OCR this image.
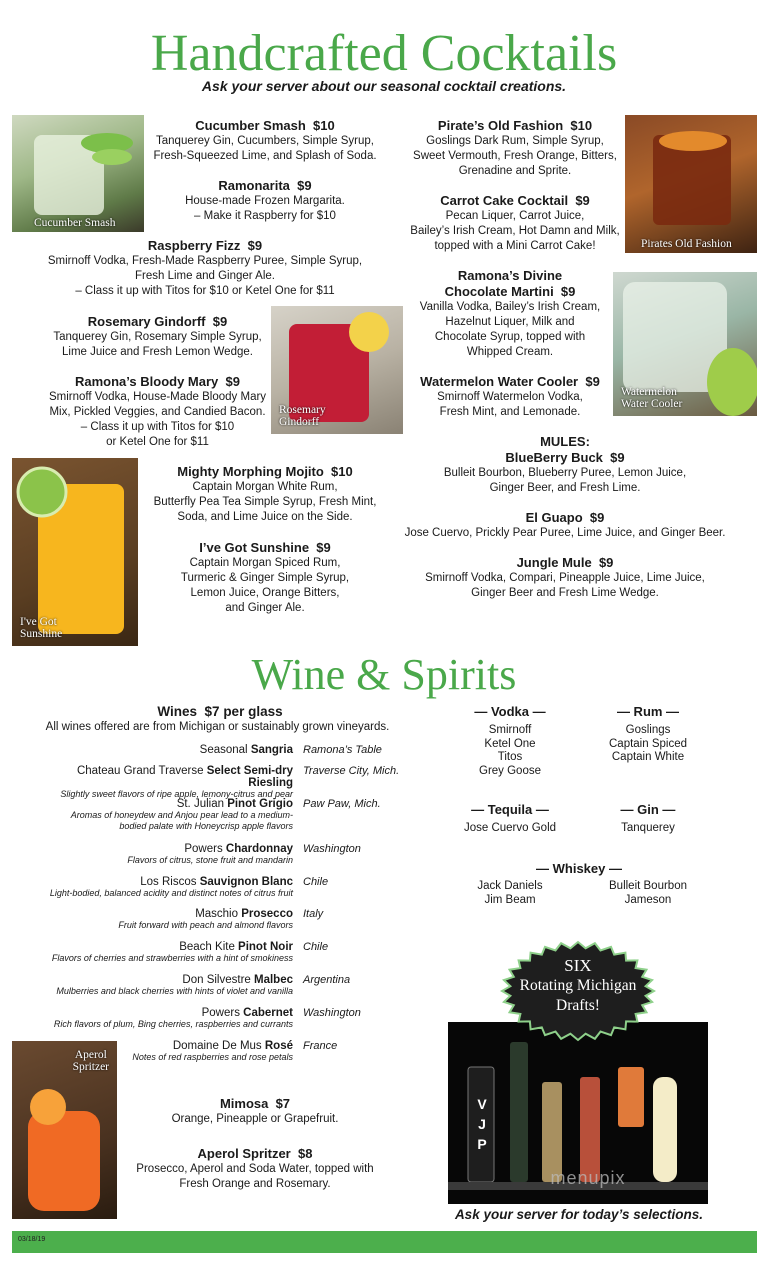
Handcrafted Cocktails
Ask your server about our seasonal cocktail creations.
Cucumber Smash
Pirates Old Fashion
Rosemary
Gindorff
Watermelon
Water Cooler
I've Got
Sunshine
Cucumber Smash $10
Tanquerey Gin, Cucumbers, Simple Syrup,
Fresh-Squeezed Lime, and Splash of Soda.
Ramonarita $9
House-made Frozen Margarita.
– Make it Raspberry for $10
Raspberry Fizz $9
Smirnoff Vodka, Fresh-Made Raspberry Puree, Simple Syrup,
Fresh Lime and Ginger Ale.
– Class it up with Titos for $10 or Ketel One for $11
Rosemary Gindorff $9
Tanquerey Gin, Rosemary Simple Syrup,
Lime Juice and Fresh Lemon Wedge.
Ramona’s Bloody Mary $9
Smirnoff Vodka, House-Made Bloody Mary
Mix, Pickled Veggies, and Candied Bacon.
– Class it up with Titos for $10
or Ketel One for $11
Mighty Morphing Mojito $10
Captain Morgan White Rum,
Butterfly Pea Tea Simple Syrup, Fresh Mint,
Soda, and Lime Juice on the Side.
I’ve Got Sunshine $9
Captain Morgan Spiced Rum,
Turmeric & Ginger Simple Syrup,
Lemon Juice, Orange Bitters,
and Ginger Ale.
Pirate’s Old Fashion $10
Goslings Dark Rum, Simple Syrup,
Sweet Vermouth, Fresh Orange, Bitters,
Grenadine and Sprite.
Carrot Cake Cocktail $9
Pecan Liquer, Carrot Juice,
Bailey’s Irish Cream, Hot Damn and Milk,
topped with a Mini Carrot Cake!
Ramona’s Divine
Chocolate Martini $9
Vanilla Vodka, Bailey’s Irish Cream,
Hazelnut Liquer, Milk and
Chocolate Syrup, topped with
Whipped Cream.
Watermelon Water Cooler $9
Smirnoff Watermelon Vodka,
Fresh Mint, and Lemonade.
MULES:
BlueBerry Buck $9
Bulleit Bourbon, Blueberry Puree, Lemon Juice,
Ginger Beer, and Fresh Lime.
El Guapo $9
Jose Cuervo, Prickly Pear Puree, Lime Juice, and Ginger Beer.
Jungle Mule $9
Smirnoff Vodka, Compari, Pineapple Juice, Lime Juice,
Ginger Beer and Fresh Lime Wedge.
Wine & Spirits
Wines $7 per glass
All wines offered are from Michigan or sustainably grown vineyards.
Seasonal Sangria Ramona’s Table
Chateau Grand Traverse Select Semi-dry Riesling
Traverse City, Mich.
Slightly sweet flavors of ripe apple, lemony-citrus and pear
St. Julian Pinot Grigio Paw Paw, Mich.
Aromas of honeydew and Anjou pear lead to a medium-
bodied palate with Honeycrisp apple flavors
Powers Chardonnay Washington
Flavors of citrus, stone fruit and mandarin
Los Riscos Sauvignon Blanc Chile
Light-bodied, balanced acidity and distinct notes of citrus fruit
Maschio Prosecco Italy
Fruit forward with peach and almond flavors
Beach Kite Pinot Noir Chile
Flavors of cherries and strawberries with a hint of smokiness
Don Silvestre Malbec Argentina
Mulberries and black cherries with hints of violet and vanilla
Powers Cabernet Washington
Rich flavors of plum, Bing cherries, raspberries and currants
Domaine De Mus Rosé France
Notes of red raspberries and rose petals
Aperol
Spritzer
Mimosa $7
Orange, Pineapple or Grapefruit.
Aperol Spritzer $8
Prosecco, Aperol and Soda Water, topped with
Fresh Orange and Rosemary.
— Vodka —
Smirnoff
Ketel One
Titos
Grey Goose
— Rum —
Goslings
Captain Spiced
Captain White
— Tequila —
Jose Cuervo Gold
— Gin —
Tanquerey
— Whiskey —
Jack Daniels
Jim Beam
Bulleit Bourbon
Jameson
VJP
menupix
SIX
Rotating Michigan
Drafts!
Ask your server for today’s selections.
03/18/19
